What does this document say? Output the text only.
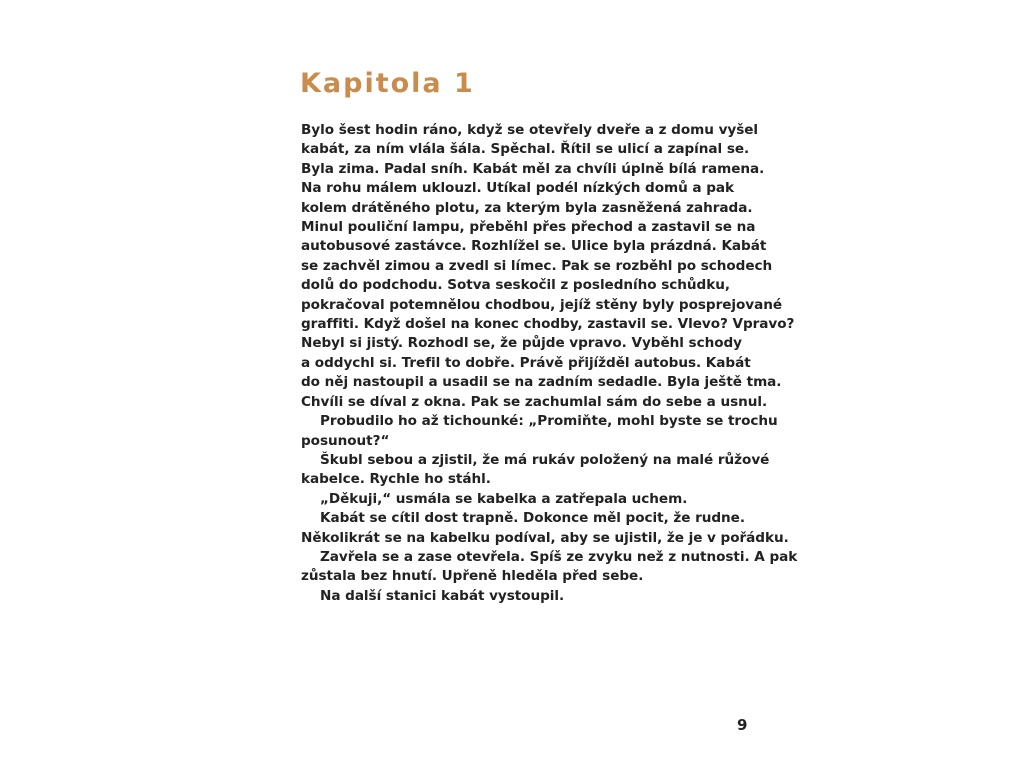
Kapitola 1
Bylo šest hodin ráno, když se otevřely dveře a z domu vyšel
kabát, za ním vlála šála. Spěchal. Řítil se ulicí a zapínal se.
Byla zima. Padal sníh. Kabát měl za chvíli úplně bílá ramena.
Na rohu málem uklouzl. Utíkal podél nízkých domů a pak
kolem drátěného plotu, za kterým byla zasněžená zahrada.
Minul pouliční lampu, přeběhl přes přechod a zastavil se na
autobusové zastávce. Rozhlížel se. Ulice byla prázdná. Kabát
se zachvěl zimou a zvedl si límec. Pak se rozběhl po schodech
dolů do podchodu. Sotva seskočil z posledního schůdku,
pokračoval potemnělou chodbou, jejíž stěny byly posprejované
graffiti. Když došel na konec chodby, zastavil se. Vlevo? Vpravo?
Nebyl si jistý. Rozhodl se, že půjde vpravo. Vyběhl schody
a oddychl si. Trefil to dobře. Právě přijížděl autobus. Kabát
do něj nastoupil a usadil se na zadním sedadle. Byla ještě tma.
Chvíli se díval z okna. Pak se zachumlal sám do sebe a usnul.
Probudilo ho až tichounké: „Promiňte, mohl byste se trochu
posunout?“
Škubl sebou a zjistil, že má rukáv položený na malé růžové
kabelce. Rychle ho stáhl.
„Děkuji,“ usmála se kabelka a zatřepala uchem.
Kabát se cítil dost trapně. Dokonce měl pocit, že rudne.
Několikrát se na kabelku podíval, aby se ujistil, že je v pořádku.
Zavřela se a zase otevřela. Spíš ze zvyku než z nutnosti. A pak
zůstala bez hnutí. Upřeně hleděla před sebe.
Na další stanici kabát vystoupil.
9
